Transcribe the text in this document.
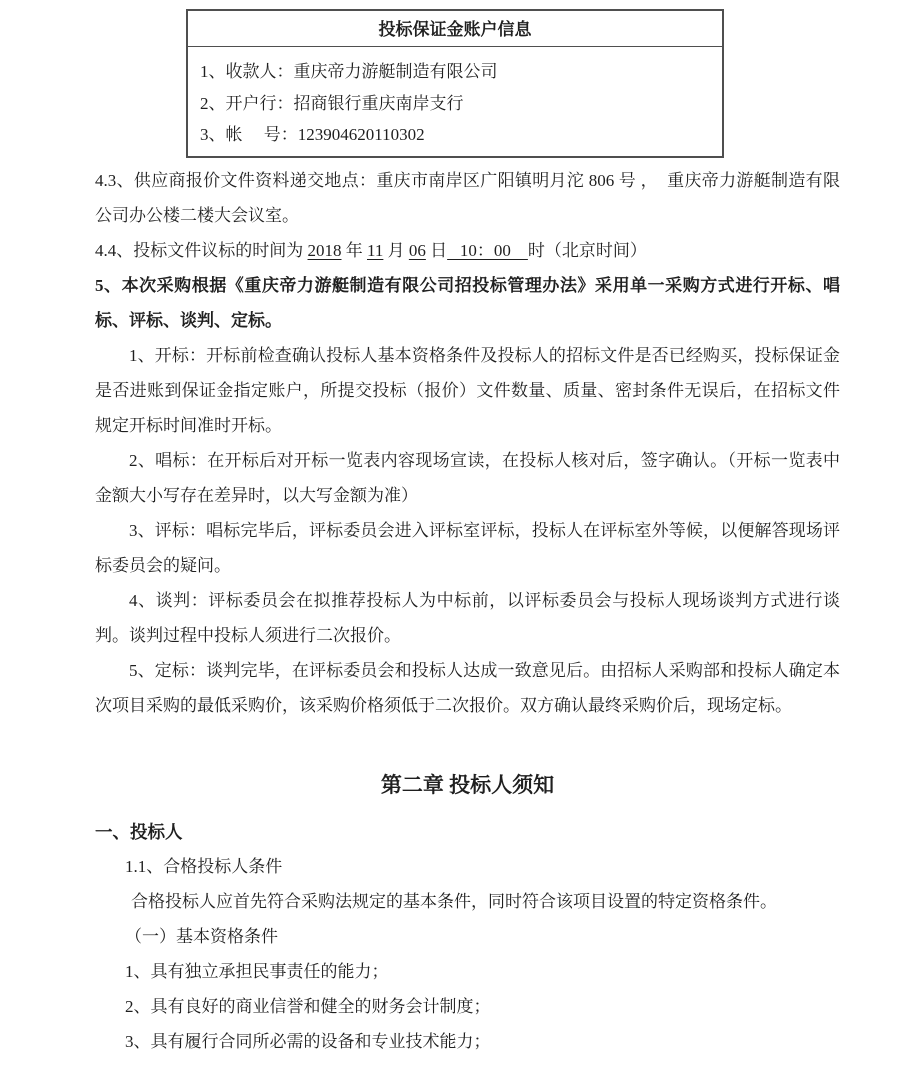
投标保证金账户信息
1、收款人：重庆帝力游艇制造有限公司
2、开户行：招商银行重庆南岸支行
3、帐　 号：123904620110302

4.3、供应商报价文件资料递交地点：重庆市南岸区广阳镇明月沱 806 号 ，  重庆帝力游艇制造有限公司办公楼二楼大会议室。

4.4、投标文件议标的时间为 2018 年 11 月 06 日   10：00    时（北京时间）

5、本次采购根据《重庆帝力游艇制造有限公司招投标管理办法》采用单一采购方式进行开标、唱标、评标、谈判、定标。

1、开标：开标前检查确认投标人基本资格条件及投标人的招标文件是否已经购买，投标保证金是否进账到保证金指定账户，所提交投标（报价）文件数量、质量、密封条件无误后，在招标文件规定开标时间准时开标。

2、唱标：在开标后对开标一览表内容现场宣读，在投标人核对后，签字确认。（开标一览表中金额大小写存在差异时，以大写金额为准）

3、评标：唱标完毕后，评标委员会进入评标室评标，投标人在评标室外等候，以便解答现场评标委员会的疑问。

4、谈判：评标委员会在拟推荐投标人为中标前，以评标委员会与投标人现场谈判方式进行谈判。谈判过程中投标人须进行二次报价。

5、定标：谈判完毕，在评标委员会和投标人达成一致意见后。由招标人采购部和投标人确定本次项目采购的最低采购价，该采购价格须低于二次报价。双方确认最终采购价后，现场定标。

第二章 投标人须知

一、投标人

1.1、合格投标人条件

合格投标人应首先符合采购法规定的基本条件，同时符合该项目设置的特定资格条件。

（一）基本资格条件

1、具有独立承担民事责任的能力；

2、具有良好的商业信誉和健全的财务会计制度；

3、具有履行合同所必需的设备和专业技术能力；
